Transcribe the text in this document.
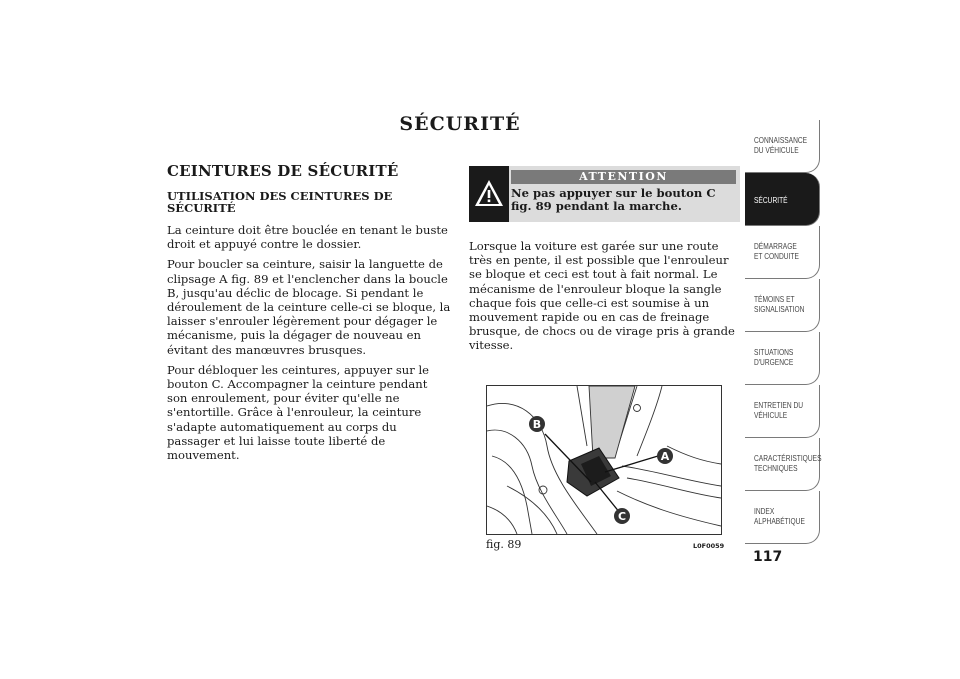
SÉCURITÉ
CEINTURES DE SÉCURITÉ
UTILISATION DES CEINTURES DE SÉCURITÉ

La ceinture doit être bouclée en tenant le buste droit et appuyé contre le dossier.

Pour boucler sa ceinture, saisir la languette de clipsage A fig. 89 et l'enclencher dans la boucle B, jusqu'au déclic de blocage. Si pendant le déroulement de la ceinture celle-ci se bloque, la laisser s'enrouler légèrement pour dégager le mécanisme, puis la dégager de nouveau en évitant des manœuvres brusques.

Pour débloquer les ceintures, appuyer sur le bouton C. Accompagner la ceinture pendant son enroulement, pour éviter qu'elle ne s'entortille. Grâce à l'enrouleur, la ceinture s'adapte automatiquement au corps du passager et lui laisse toute liberté de mouvement.

ATTENTION
Ne pas appuyer sur le bouton C fig. 89 pendant la marche.

Lorsque la voiture est garée sur une route très en pente, il est possible que l'enrouleur se bloque et ceci est tout à fait normal. Le mécanisme de l'enrouleur bloque la sangle chaque fois que celle-ci est soumise à un mouvement rapide ou en cas de freinage brusque, de chocs ou de virage pris à grande vitesse.

B
A
C
fig. 89	L0F0059
CONNAISSANCE DU VÉHICULE
SÉCURITÉ
DÉMARRAGE ET CONDUITE
TÉMOINS ET SIGNALISATION
SITUATIONS D'URGENCE
ENTRETIEN DU VÉHICULE
CARACTÉRISTIQUES TECHNIQUES
INDEX ALPHABÉTIQUE
117
